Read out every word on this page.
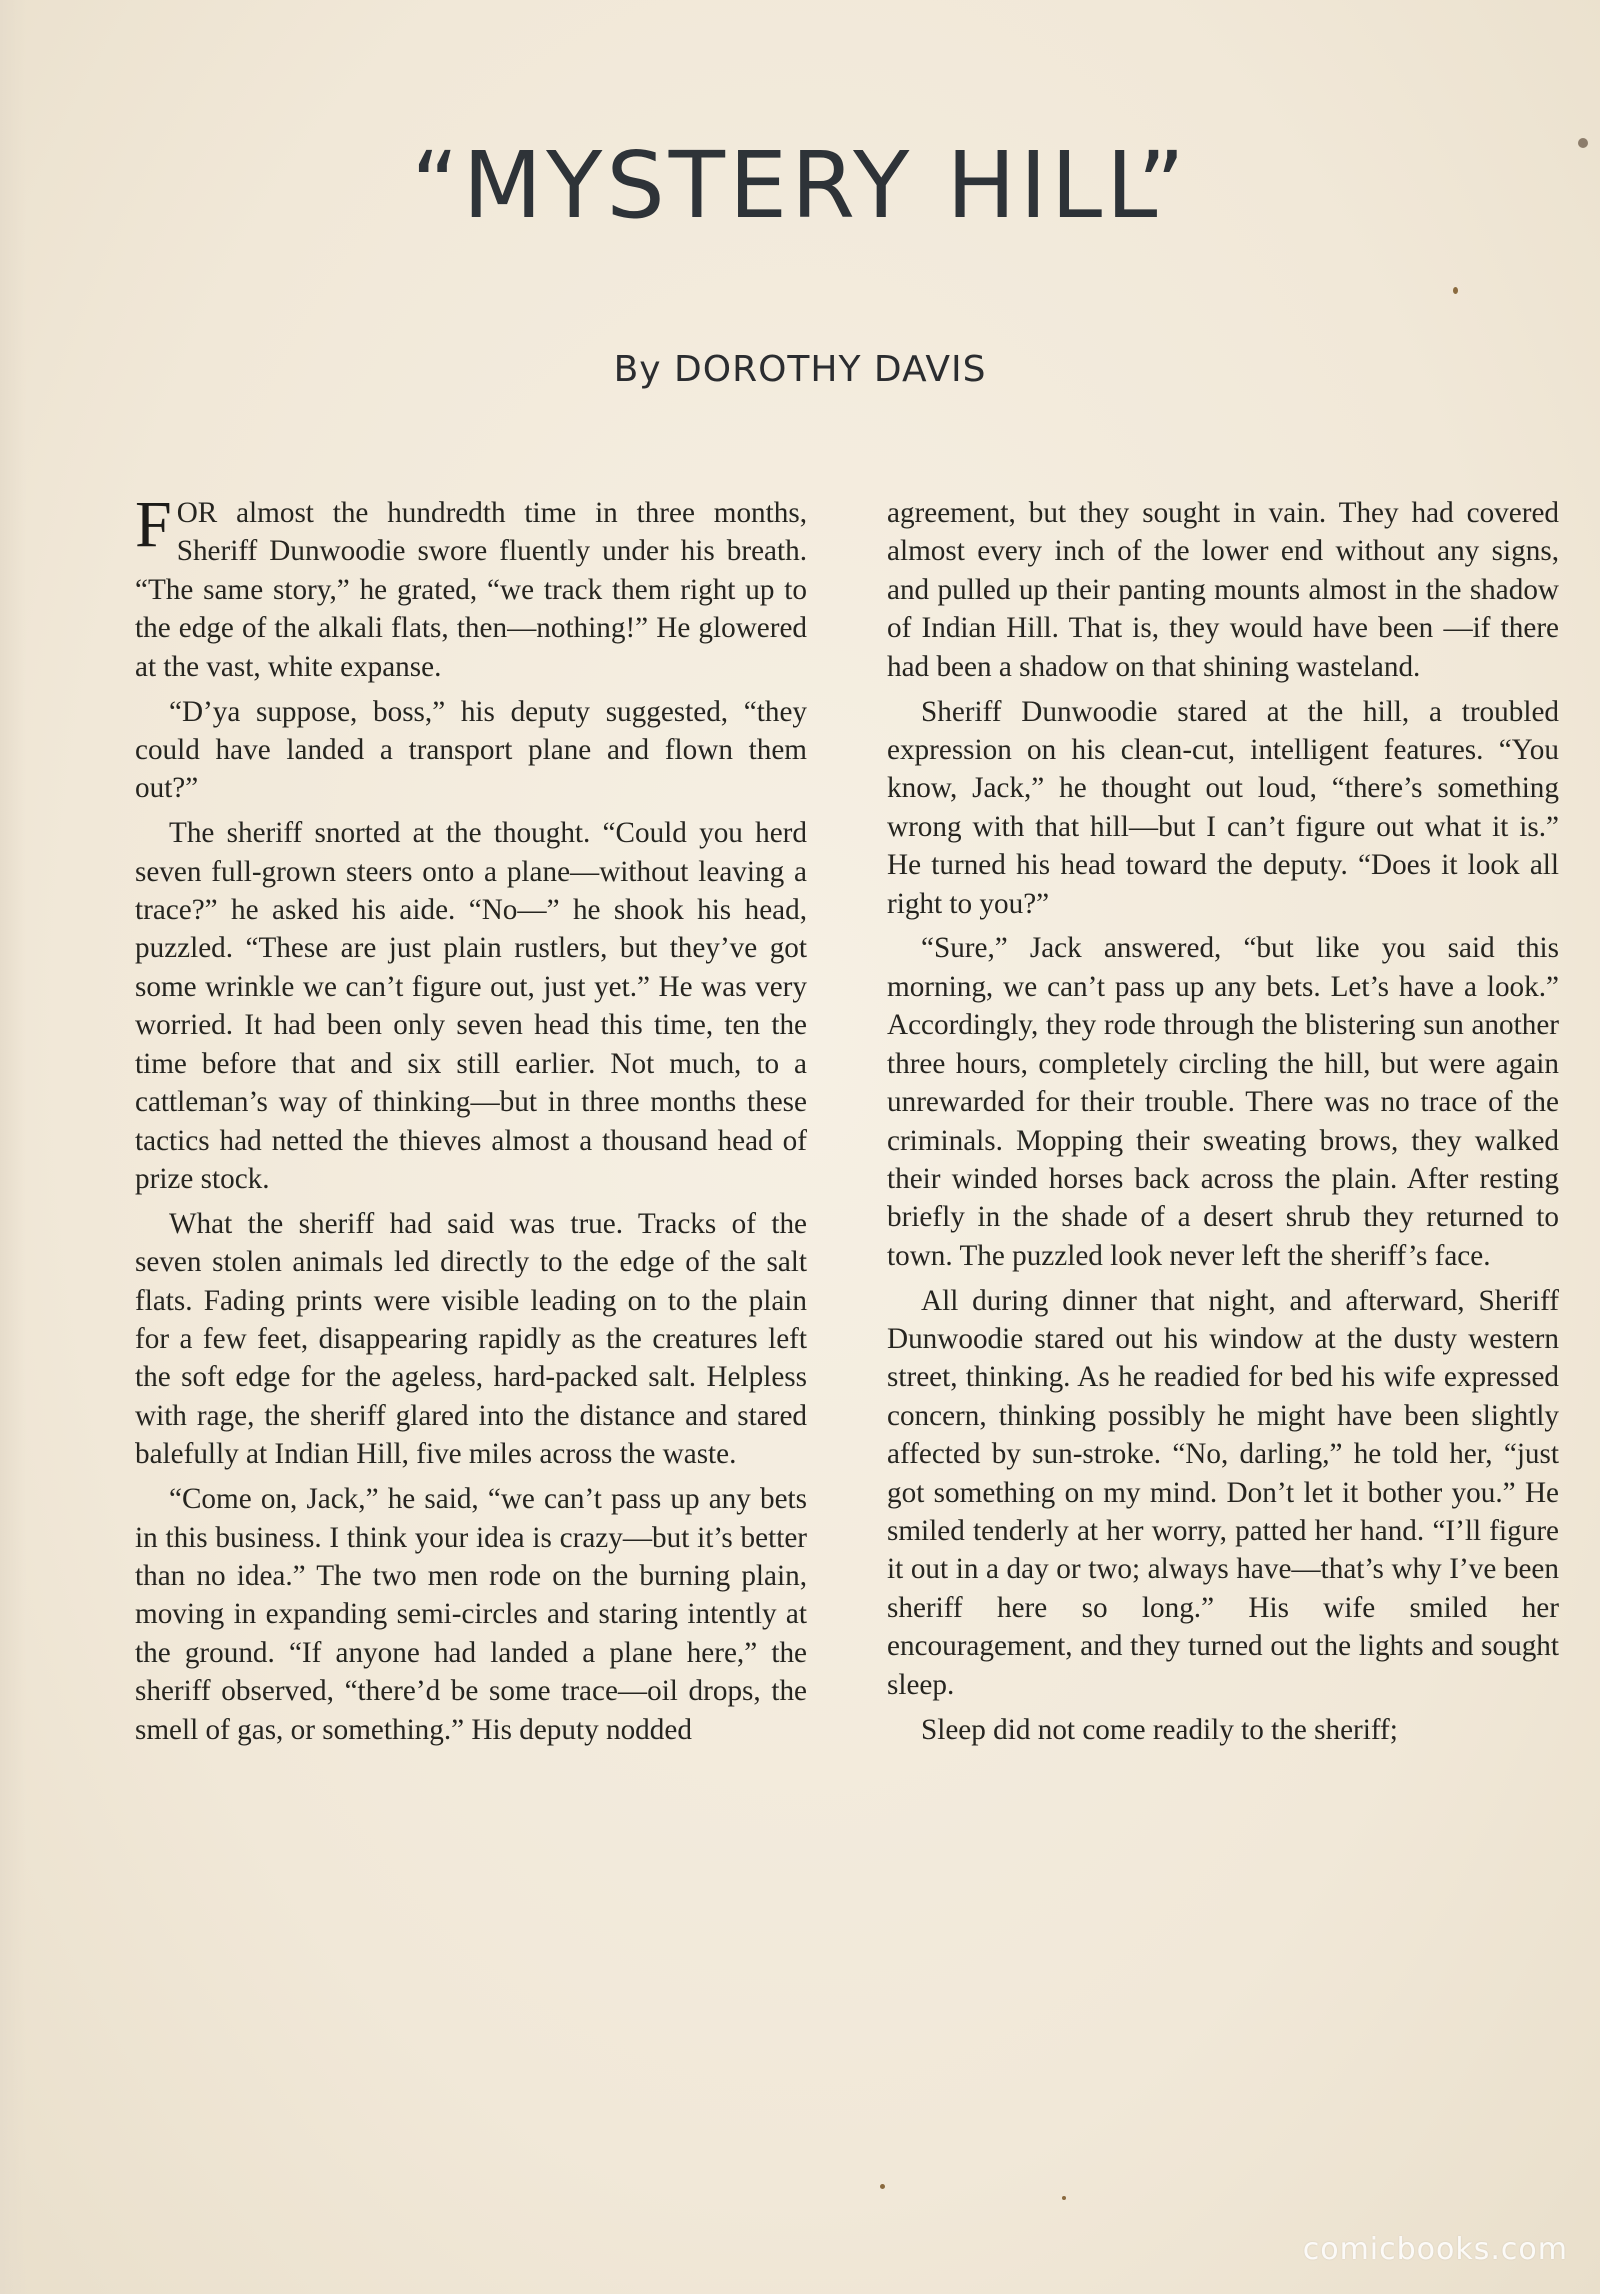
“MYSTERY HILL”
By DOROTHY DAVIS

FOR almost the hundredth time in three months, Sheriff Dunwoodie swore fluently under his breath. “The same story,” he grated, “we track them right up to the edge of the alkali flats, then—nothing!” He glowered at the vast, white expanse.

“D’ya suppose, boss,” his deputy suggested, “they could have landed a transport plane and flown them out?”

The sheriff snorted at the thought. “Could you herd seven full-grown steers onto a plane—without leaving a trace?” he asked his aide. “No—” he shook his head, puzzled. “These are just plain rustlers, but they’ve got some wrinkle we can’t figure out, just yet.” He was very worried. It had been only seven head this time, ten the time before that and six still earlier. Not much, to a cattleman’s way of thinking—but in three months these tactics had netted the thieves almost a thousand head of prize stock.

What the sheriff had said was true. Tracks of the seven stolen animals led directly to the edge of the salt flats. Fading prints were visible leading on to the plain for a few feet, disappearing rapidly as the creatures left the soft edge for the ageless, hard-packed salt. Helpless with rage, the sheriff glared into the distance and stared balefully at Indian Hill, five miles across the waste.

“Come on, Jack,” he said, “we can’t pass up any bets in this business. I think your idea is crazy—but it’s better than no idea.” The two men rode on the burning plain, moving in expanding semi-circles and staring intently at the ground. “If anyone had landed a plane here,” the sheriff observed, “there’d be some trace—oil drops, the smell of gas, or something.” His deputy nodded

agreement, but they sought in vain. They had covered almost every inch of the lower end without any signs, and pulled up their panting mounts almost in the shadow of Indian Hill. That is, they would have been —if there had been a shadow on that shining wasteland.

Sheriff Dunwoodie stared at the hill, a troubled expression on his clean-cut, intelligent features. “You know, Jack,” he thought out loud, “there’s something wrong with that hill—but I can’t figure out what it is.” He turned his head toward the deputy. “Does it look all right to you?”

“Sure,” Jack answered, “but like you said this morning, we can’t pass up any bets. Let’s have a look.” Accordingly, they rode through the blistering sun another three hours, completely circling the hill, but were again unrewarded for their trouble. There was no trace of the criminals. Mopping their sweating brows, they walked their winded horses back across the plain. After resting briefly in the shade of a desert shrub they returned to town. The puzzled look never left the sheriff’s face.

All during dinner that night, and afterward, Sheriff Dunwoodie stared out his window at the dusty western street, thinking. As he readied for bed his wife expressed concern, thinking possibly he might have been slightly affected by sun-stroke. “No, darling,” he told her, “just got something on my mind. Don’t let it bother you.” He smiled tenderly at her worry, patted her hand. “I’ll figure it out in a day or two; always have—that’s why I’ve been sheriff here so long.” His wife smiled her encouragement, and they turned out the lights and sought sleep.

Sleep did not come readily to the sheriff;

comicbooks.com
